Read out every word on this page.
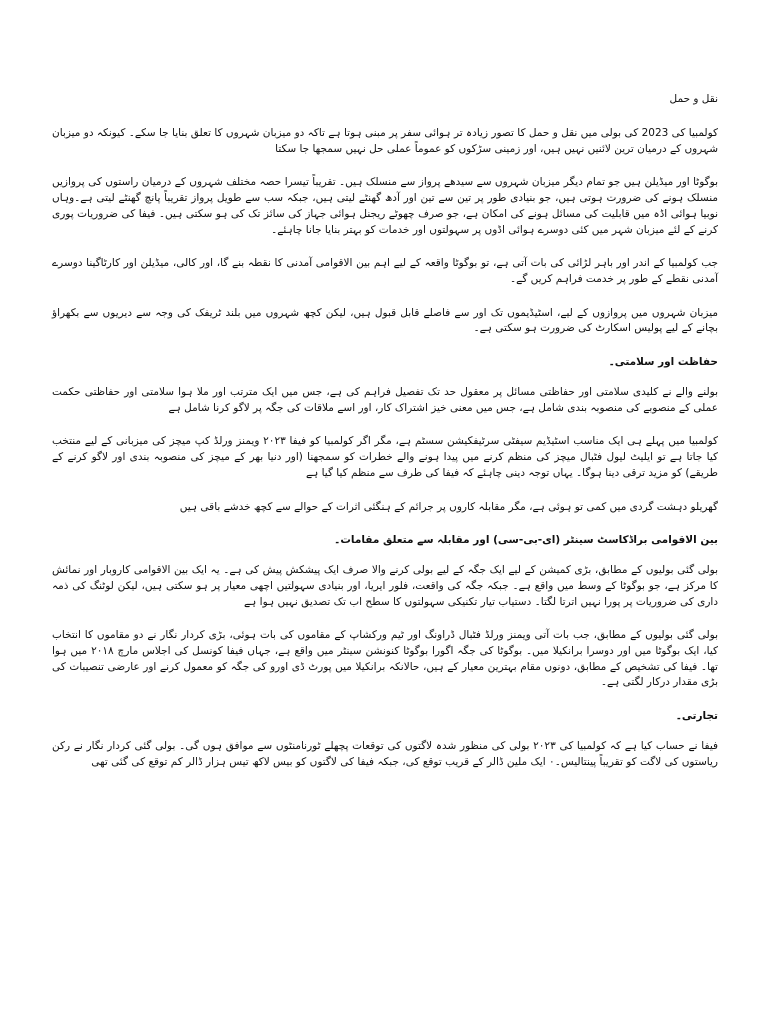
نقل و حمل
کولمبیا کی 2023 کی بولی میں نقل و حمل کا تصور زیادہ تر ہوائی سفر پر مبنی ہوتا ہے تاکہ دو میزبان شہروں کا تعلق بنایا جا سکے۔ کیونکہ دو میزبان شہروں کے درمیان ترین لائنیں نہیں ہیں، اور زمینی سڑکوں کو عموماً عملی حل نہیں سمجھا جا سکتا
بوگوٹا اور میڈیلن ہیں جو تمام دیگر میزبان شہروں سے سیدھے پرواز سے منسلک ہیں۔ تقریباً تیسرا حصہ مختلف شہروں کے درمیان راستوں کی پروازیں منسلک ہونے کی ضرورت ہوتی ہیں، جو بنیادی طور پر تین سے تین اور آدھ گھنٹے لیتی ہیں، جبکہ سب سے طویل پرواز تقریباً پانچ گھنٹے لیتی ہے۔وہاں نوبیا ہوائی اڈہ میں قابلیت کی مسائل ہونے کی امکان ہے، جو صرف چھوٹے ریجنل ہوائی جہاز کی سائز تک کی ہو سکتی ہیں۔ فیفا کی ضروریات پوری کرنے کے لئے میزبان شہر میں کئی دوسرے ہوائی اڈوں پر سہولتوں اور خدمات کو بہتر بنایا جانا چاہئے۔
جب کولمبیا کے اندر اور باہر لڑائی کی بات آتی ہے، تو بوگوٹا واقعہ کے لیے اہم بین الاقوامی آمدنی کا نقطہ بنے گا، اور کالی، میڈیلن اور کارٹاگینا دوسرے آمدنی نقطے کے طور پر خدمت فراہم کریں گے۔
میزبان شہروں میں پروازوں کے لیے، اسٹیڈیموں تک اور سے فاصلے قابل قبول ہیں، لیکن کچھ شہروں میں بلند ٹریفک کی وجہ سے دیریوں سے بکھراؤ بچانے کے لیے پولیس اسکارٹ کی ضرورت ہو سکتی ہے۔
حفاظت اور سلامتی۔
بولنے والے نے کلیدی سلامتی اور حفاظتی مسائل پر معقول حد تک تفصیل فراہم کی ہے، جس میں ایک مترتب اور ملا ہوا سلامتی اور حفاظتی حکمت عملی کے منصوبے کی منصوبہ بندی شامل ہے، جس میں معنی خیز اشتراک کار، اور اسے ملاقات کی جگہ پر لاگو کرنا شامل ہے
کولمبیا میں پہلے ہی ایک مناسب اسٹیڈیم سیفٹی سرٹیفکیشن سسٹم ہے، مگر اگر کولمبیا کو فیفا ۲۰۲۳ ویمنز ورلڈ کپ میچز کی میزبانی کے لیے منتخب کیا جاتا ہے تو ایلیٹ لیول فٹبال میچز کی منظم کرنے میں پیدا ہونے والے خطرات کو سمجھنا (اور دنیا بھر کے میچز کی منصوبہ بندی اور لاگو کرنے کے طریقے) کو مزید ترقی دینا ہوگا۔ یہاں توجہ دینی چاہئے کہ فیفا کی طرف سے منظم کیا گیا ہے
گھریلو دہشت گردی میں کمی تو ہوئی ہے، مگر مقابلہ کاروں پر جرائم کے ہنگئی اثرات کے حوالے سے کچھ خدشے باقی ہیں
بین الاقوامی براڈکاسٹ سینٹر (ای-بی-سی) اور مقابلہ سے متعلق مقامات۔
بولی گئی بولیوں کے مطابق، بڑی کمیشن کے لیے ایک جگہ کے لیے بولی کرنے والا صرف ایک پیشکش پیش کی ہے۔ یہ ایک بین الاقوامی کاروبار اور نمائش کا مرکز ہے، جو بوگوٹا کے وسط میں واقع ہے۔ جبکہ جگہ کی واقعت، فلور ایریا، اور بنیادی سہولتیں اچھی معیار پر ہو سکتی ہیں، لیکن لوٹنگ کی ذمہ داری کی ضروریات پر پورا نہیں اترتا لگتا۔ دستیاب تیار تکنیکی سہولتوں کا سطح اب تک تصدیق نہیں ہوا ہے
بولی گئی بولیوں کے مطابق، جب بات آتی ویمنز ورلڈ فٹبال ڈراونگ اور ٹیم ورکشاپ کے مقاموں کی بات ہوئی، بڑی کردار نگار نے دو مقاموں کا انتخاب کیا، ایک بوگوٹا میں اور دوسرا برانکیلا میں۔ بوگوٹا کی جگہ اگورا بوگوٹا کنونشن سینٹر میں واقع ہے، جہاں فیفا کونسل کی اجلاس مارچ ۲۰۱۸ میں ہوا تھا۔ فیفا کی تشخیص کے مطابق، دونوں مقام بہترین معیار کے ہیں، حالانکہ برانکیلا میں پورٹ ڈی اورو کی جگہ کو معمول کرنے اور عارضی تنصیبات کی بڑی مقدار درکار لگتی ہے۔
تجارتی۔
فیفا نے حساب کیا ہے کہ کولمبیا کی ۲۰۲۳ بولی کی منظور شدہ لاگتوں کی توقعات پچھلے ٹورنامنٹوں سے موافق ہوں گی۔ بولی گئی کردار نگار نے رکن ریاستوں کی لاگت کو تقریباً پینتالیس۔۰ ایک ملین ڈالر کے قریب توقع کی، جبکہ فیفا کی لاگتوں کو بیس لاکھ تیس ہزار ڈالر کم توقع کی گئی تھی
